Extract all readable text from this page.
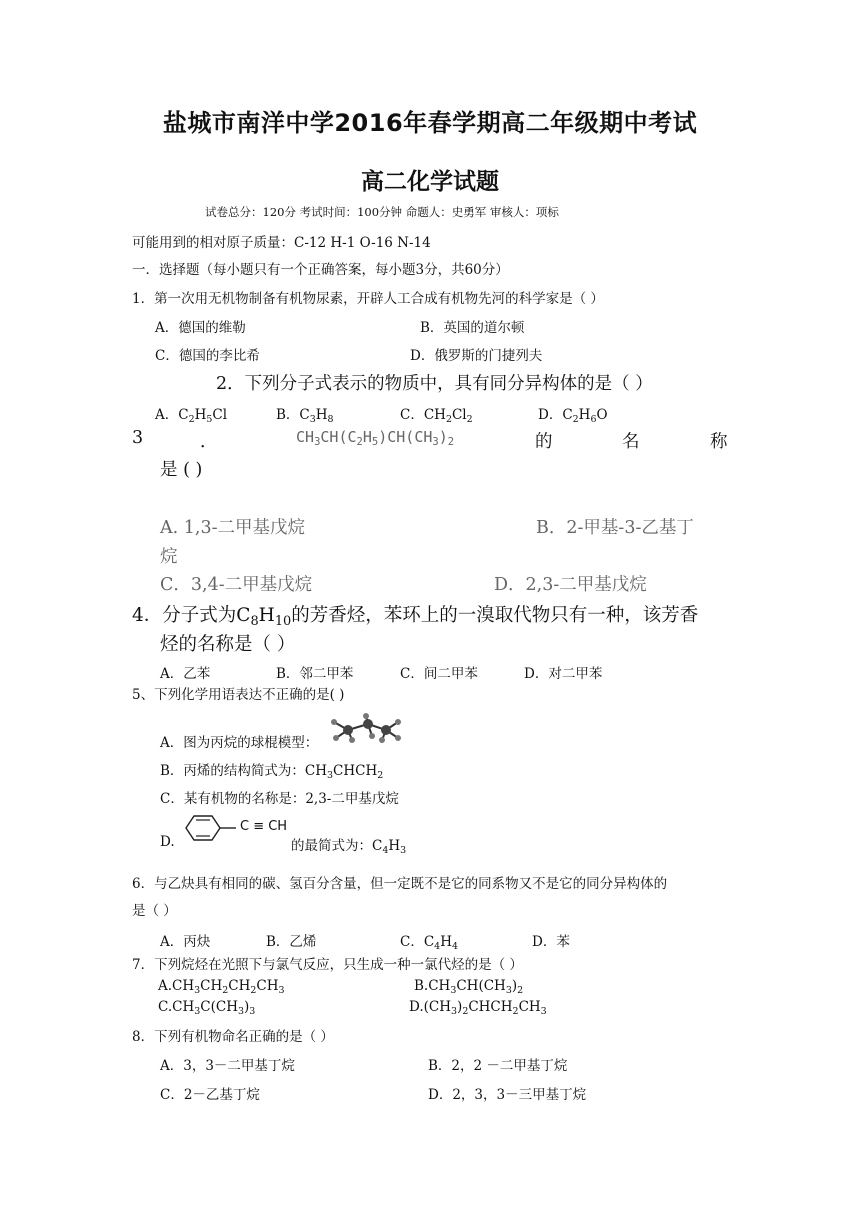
盐城市南洋中学2016年春学期高二年级期中考试
高二化学试题
试卷总分：120分 考试时间：100分钟 命题人：史勇军 审核人：项标
可能用到的相对原子质量：C-12 H-1 O-16 N-14
一．选择题（每小题只有一个正确答案，每小题3分，共60分）
1．第一次用无机物制备有机物尿素，开辟人工合成有机物先河的科学家是（ ）
A．德国的维勒	B．英国的道尔顿
C．德国的李比希	D．俄罗斯的门捷列夫
2．下列分子式表示的物质中，具有同分异构体的是（ ）
A．$C_2H_5Cl$	B．$C_3H_8$	C．$CH_2Cl_2$	D．$C_2H_6O$
3	．	$CH_3CH(C_2H_5)CH(CH_3)_2$	的	名	称
是 ( )
A. 1,3-二甲基戊烷	B．2-甲基-3-乙基丁
烷
C．3,4-二甲基戊烷	D．2,3-二甲基戊烷
4．分子式为$C_8H_{10}$的芳香烃，苯环上的一溴取代物只有一种，该芳香
烃的名称是（ ）
A．乙苯	B．邻二甲苯	C．间二甲苯	D．对二甲苯
5、下列化学用语表达不正确的是( )
A．图为丙烷的球棍模型：
B．丙烯的结构简式为：$CH_3CHCH_2$
C．某有机物的名称是：2,3-二甲基戊烷
D.
C ≡ CH
的最简式为：$C_4H_3$
6．与乙炔具有相同的碳、氢百分含量，但一定既不是它的同系物又不是它的同分异构体的
是（ ）
A．丙炔	B．乙烯	C．$C_4H_4$	D．苯
7．下列烷烃在光照下与氯气反应，只生成一种一氯代烃的是（ ）
$A.CH_3CH_2CH_2CH_3$	$B.CH_3CH(CH_3)_2$
$C.CH_3C(CH_3)_3$	$D.(CH_3)_2CHCH_2CH_3$
8．下列有机物命名正确的是（ ）
A．3，3－二甲基丁烷	B．2，2 －二甲基丁烷
C．2－乙基丁烷	D．2，3，3－三甲基丁烷
